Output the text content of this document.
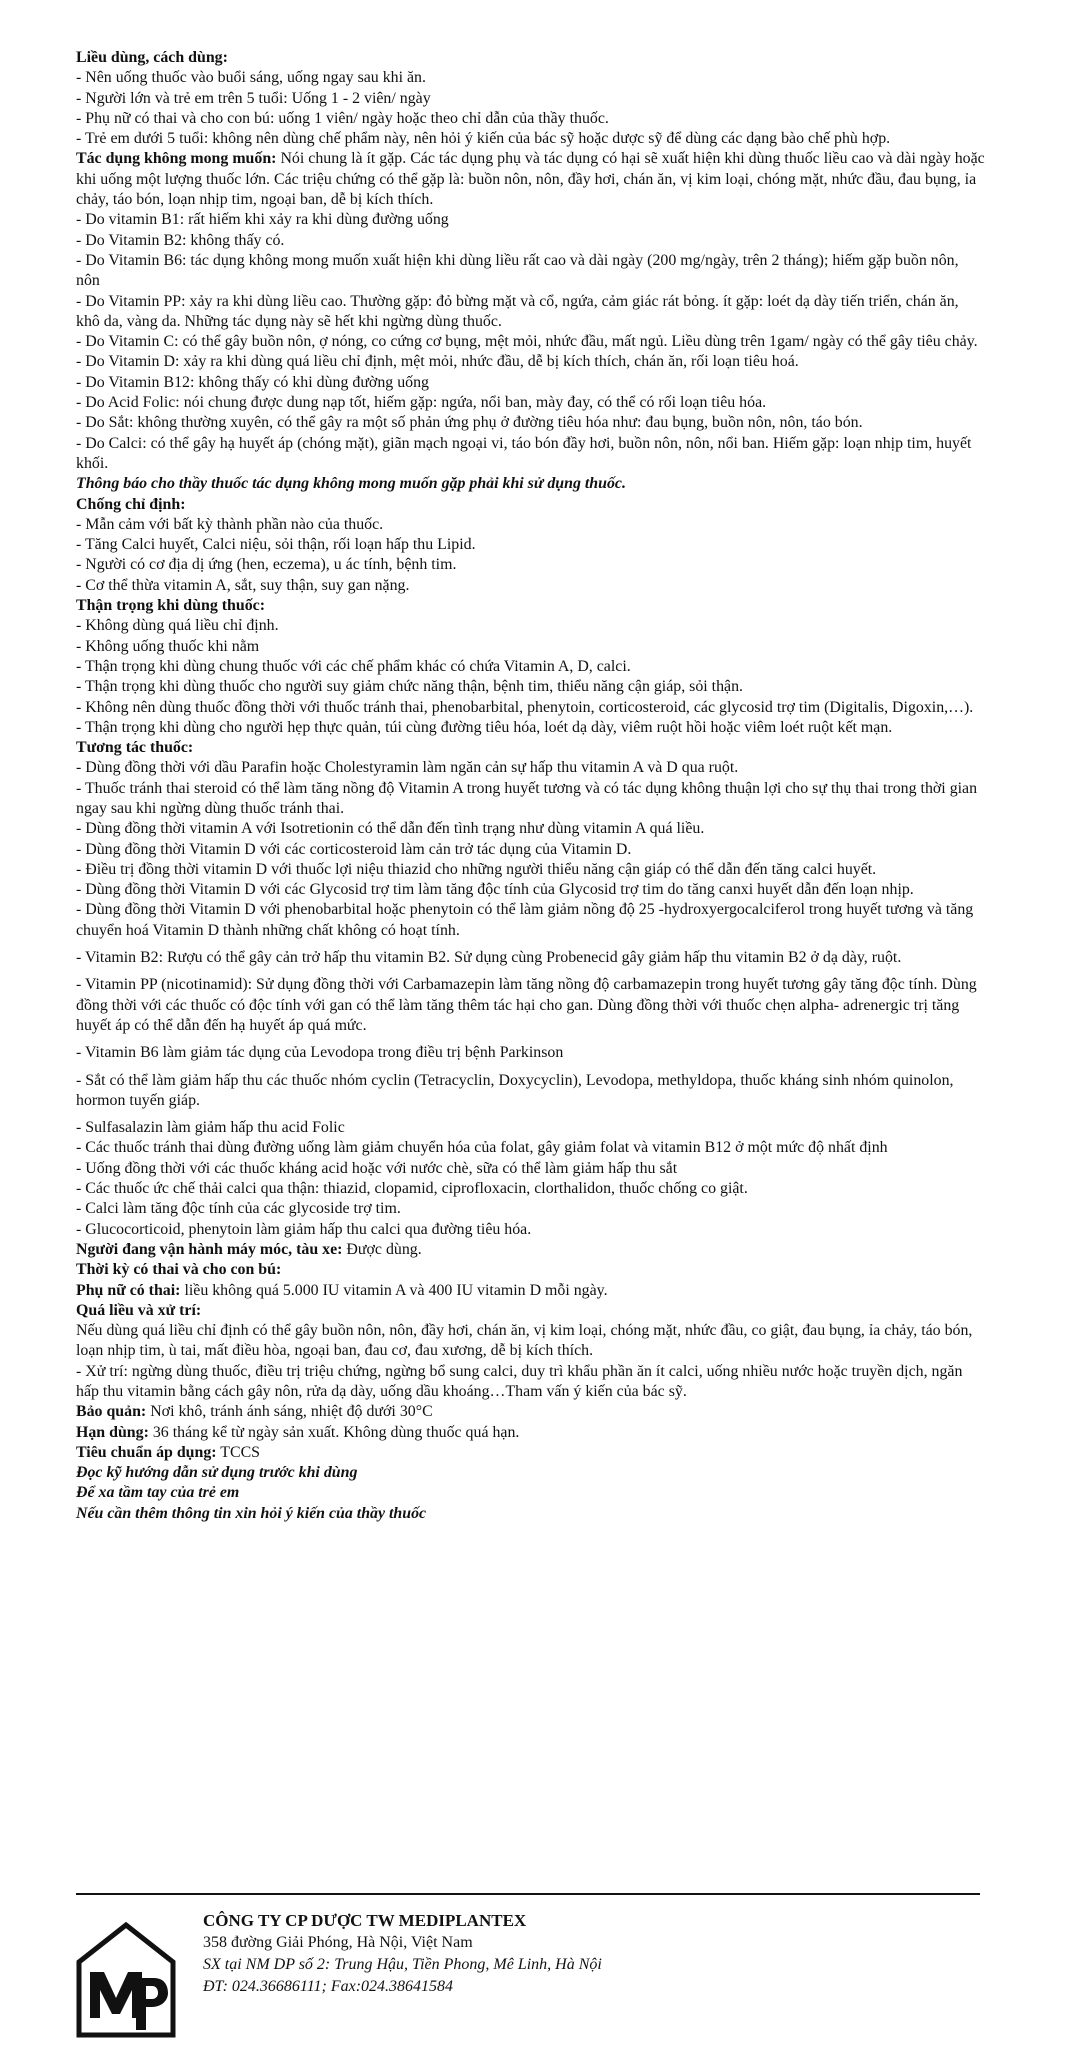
Liều dùng, cách dùng:

- Nên uống thuốc vào buổi sáng, uống ngay sau khi ăn.

- Người lớn và trẻ em trên 5 tuổi: Uống 1 - 2 viên/ ngày

- Phụ nữ có thai và cho con bú: uống 1 viên/ ngày hoặc theo chỉ dẫn của thầy thuốc.

- Trẻ em dưới 5 tuổi: không nên dùng chế phẩm này, nên hỏi ý kiến của bác sỹ hoặc dược sỹ để dùng các dạng bào chế phù hợp.

Tác dụng không mong muốn: Nói chung là ít gặp. Các tác dụng phụ và tác dụng có hại sẽ xuất hiện khi dùng thuốc liều cao và dài ngày hoặc khi uống một lượng thuốc lớn. Các triệu chứng có thể gặp là: buồn nôn, nôn, đầy hơi, chán ăn, vị kim loại, chóng mặt, nhức đầu, đau bụng, ỉa chảy, táo bón, loạn nhịp tim, ngoại ban, dễ bị kích thích.

- Do vitamin B1: rất hiếm khi xảy ra khi dùng đường uống

- Do Vitamin B2: không thấy có.

- Do Vitamin B6: tác dụng không mong muốn xuất hiện khi dùng liều rất cao và dài ngày (200 mg/ngày, trên 2 tháng); hiếm gặp buồn nôn, nôn

- Do Vitamin PP: xảy ra khi dùng liều cao. Thường gặp: đỏ bừng mặt và cổ, ngứa, cảm giác rát bỏng. ít gặp: loét dạ dày tiến triển, chán ăn, khô da, vàng da. Những tác dụng này sẽ hết khi ngừng dùng thuốc.

- Do Vitamin C: có thể gây buồn nôn, ợ nóng, co cứng cơ bụng, mệt mỏi, nhức đầu, mất ngủ. Liều dùng trên 1gam/ ngày có thể gây tiêu chảy.

- Do Vitamin D: xảy ra khi dùng quá liều chỉ định, mệt mỏi, nhức đầu, dễ bị kích thích, chán ăn, rối loạn tiêu hoá.

- Do Vitamin B12: không thấy có khi dùng đường uống

- Do Acid Folic: nói chung được dung nạp tốt, hiếm gặp: ngứa, nổi ban, mày đay, có thể có rối loạn tiêu hóa.

- Do Sắt: không thường xuyên, có thể gây ra một số phản ứng phụ ở đường tiêu hóa như: đau bụng, buồn nôn, nôn, táo bón.

- Do Calci: có thể gây hạ huyết áp (chóng mặt), giãn mạch ngoại vi, táo bón đầy hơi, buồn nôn, nôn, nổi ban. Hiếm gặp: loạn nhịp tim, huyết khối.

Thông báo cho thầy thuốc tác dụng không mong muốn gặp phải khi sử dụng thuốc.

Chống chỉ định:

- Mẫn cảm với bất kỳ thành phần nào của thuốc.

- Tăng Calci huyết, Calci niệu, sỏi thận, rối loạn hấp thu Lipid.

- Người có cơ địa dị ứng (hen, eczema), u ác tính, bệnh tim.

- Cơ thể thừa vitamin A, sắt, suy thận, suy gan nặng.

Thận trọng khi dùng thuốc:

- Không dùng quá liều chỉ định.

- Không uống thuốc khi nằm

- Thận trọng khi dùng chung thuốc với các chế phẩm khác có chứa Vitamin A, D, calci.

- Thận trọng khi dùng thuốc cho người suy giảm chức năng thận, bệnh tim, thiểu năng cận giáp, sỏi thận.

- Không nên dùng thuốc đồng thời với thuốc tránh thai, phenobarbital, phenytoin, corticosteroid, các glycosid trợ tim (Digitalis, Digoxin,…).

- Thận trọng khi dùng cho người hẹp thực quản, túi cùng đường tiêu hóa, loét dạ dày, viêm ruột hồi hoặc viêm loét ruột kết mạn.

Tương tác thuốc:

- Dùng đồng thời với dầu Parafin hoặc Cholestyramin làm ngăn cản sự hấp thu vitamin A và D qua ruột.

- Thuốc tránh thai steroid có thể làm tăng nồng độ Vitamin A trong huyết tương và có tác dụng không thuận lợi cho sự thụ thai trong thời gian ngay sau khi ngừng dùng thuốc tránh thai.

- Dùng đồng thời vitamin A với Isotretionin có thể dẫn đến tình trạng như dùng vitamin A quá liều.

- Dùng đồng thời Vitamin D với các corticosteroid làm cản trở tác dụng của Vitamin D.

- Điều trị đồng thời vitamin D với thuốc lợi niệu thiazid cho những người thiểu năng cận giáp có thể dẫn đến tăng calci huyết.

- Dùng đồng thời Vitamin D với các Glycosid trợ tim làm tăng độc tính của Glycosid trợ tim do tăng canxi huyết dẫn đến loạn nhịp.

- Dùng đồng thời Vitamin D với phenobarbital hoặc phenytoin có thể làm giảm nồng độ 25 -hydroxyergocalciferol trong huyết tương và tăng chuyển hoá Vitamin D thành những chất không có hoạt tính.

- Vitamin B2: Rượu có thể gây cản trở hấp thu vitamin B2. Sử dụng cùng Probenecid gây giảm hấp thu vitamin B2 ở dạ dày, ruột.

- Vitamin PP (nicotinamid): Sử dụng đồng thời với Carbamazepin làm tăng nồng độ carbamazepin trong huyết tương gây tăng độc tính. Dùng đồng thời với các thuốc có độc tính với gan có thể làm tăng thêm tác hại cho gan. Dùng đồng thời với thuốc chẹn alpha- adrenergic trị tăng huyết áp có thể dẫn đến hạ huyết áp quá mức.

- Vitamin B6 làm giảm tác dụng của Levodopa trong điều trị bệnh Parkinson

- Sắt có thể làm giảm hấp thu các thuốc nhóm cyclin (Tetracyclin, Doxycyclin), Levodopa, methyldopa, thuốc kháng sinh nhóm quinolon, hormon tuyến giáp.

- Sulfasalazin làm giảm hấp thu acid Folic

- Các thuốc tránh thai dùng đường uống làm giảm chuyển hóa của folat, gây giảm folat và vitamin B12 ở một mức độ nhất định

- Uống đồng thời với các thuốc kháng acid hoặc với nước chè, sữa có thể làm giảm hấp thu sắt

- Các thuốc ức chế thải calci qua thận: thiazid, clopamid, ciprofloxacin, clorthalidon, thuốc chống co giật.

- Calci làm tăng độc tính của các glycoside trợ tim.

- Glucocorticoid, phenytoin làm giảm hấp thu calci qua đường tiêu hóa.

Người đang vận hành máy móc, tàu xe: Được dùng.

Thời kỳ có thai và cho con bú:

Phụ nữ có thai: liều không quá 5.000 IU vitamin A và 400 IU vitamin D mỗi ngày.

Quá liều và xử trí:

Nếu dùng quá liều chỉ định có thể gây buồn nôn, nôn, đầy hơi, chán ăn, vị kim loại, chóng mặt, nhức đầu, co giật, đau bụng, ỉa chảy, táo bón, loạn nhịp tim, ù tai, mất điều hòa, ngoại ban, đau cơ, đau xương, dễ bị kích thích.

- Xử trí: ngừng dùng thuốc, điều trị triệu chứng, ngừng bổ sung calci, duy trì khẩu phần ăn ít calci, uống nhiều nước hoặc truyền dịch, ngăn hấp thu vitamin bằng cách gây nôn, rửa dạ dày, uống dầu khoáng…Tham vấn ý kiến của bác sỹ.

Bảo quản: Nơi khô, tránh ánh sáng, nhiệt độ dưới 30°C

Hạn dùng: 36 tháng kể từ ngày sản xuất. Không dùng thuốc quá hạn.

Tiêu chuẩn áp dụng: TCCS

Đọc kỹ hướng dẫn sử dụng trước khi dùng

Để xa tầm tay của trẻ em

Nếu cần thêm thông tin xin hỏi ý kiến của thầy thuốc

CÔNG TY CP DƯỢC TW MEDIPLANTEX
358 đường Giải Phóng, Hà Nội, Việt Nam
SX tại NM DP số 2: Trung Hậu, Tiền Phong, Mê Linh, Hà Nội
ĐT: 024.36686111; Fax:024.38641584
